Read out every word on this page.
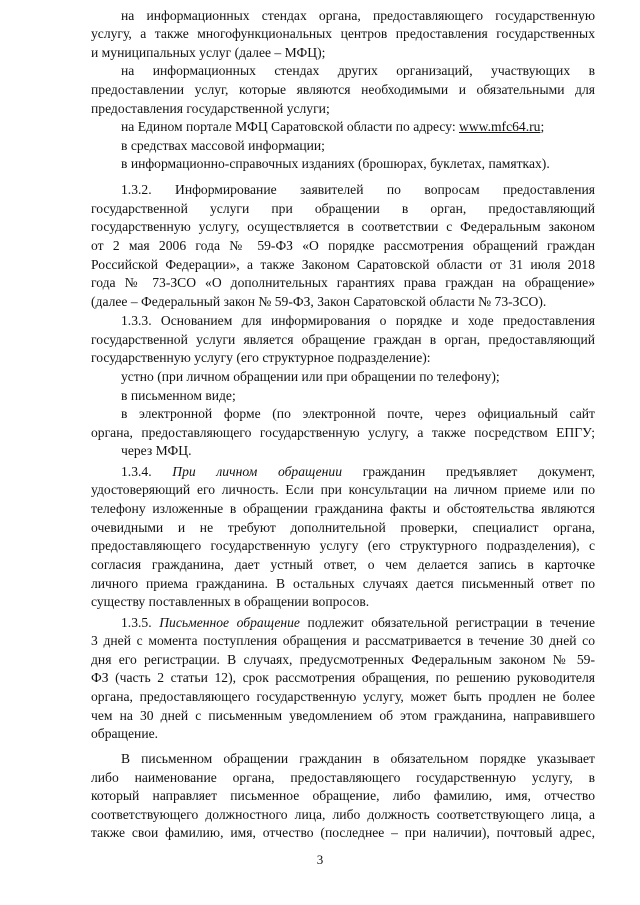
на информационных стендах органа, предоставляющего государственную
услугу, а также многофункциональных центров предоставления государственных
и муниципальных услуг (далее – МФЦ);
на информационных стендах других организаций, участвующих в
предоставлении услуг, которые являются необходимыми и обязательными для
предоставления государственной услуги;
на Едином портале МФЦ Саратовской области по адресу: www.mfc64.ru;
в средствах массовой информации;
в информационно-справочных изданиях (брошюрах, буклетах, памятках).
1.3.2. Информирование заявителей по вопросам предоставления
государственной услуги при обращении в орган, предоставляющий
государственную услугу, осуществляется в соответствии с Федеральным законом
от 2 мая 2006 года № 59-ФЗ «О порядке рассмотрения обращений граждан
Российской Федерации», а также Законом Саратовской области от 31 июля 2018
года № 73-ЗСО «О дополнительных гарантиях права граждан на обращение»
(далее – Федеральный закон № 59-ФЗ, Закон Саратовской области № 73-ЗСО).
1.3.3. Основанием для информирования о порядке и ходе предоставления
государственной услуги является обращение граждан в орган, предоставляющий
государственную услугу (его структурное подразделение):
устно (при личном обращении или при обращении по телефону);
в письменном виде;
в электронной форме (по электронной почте, через официальный сайт
органа, предоставляющего государственную услугу, а также посредством ЕПГУ;
через МФЦ.
1.3.4. При личном обращении гражданин предъявляет документ,
удостоверяющий его личность. Если при консультации на личном приеме или по
телефону изложенные в обращении гражданина факты и обстоятельства являются
очевидными и не требуют дополнительной проверки, специалист органа,
предоставляющего государственную услугу (его структурного подразделения), с
согласия гражданина, дает устный ответ, о чем делается запись в карточке
личного приема гражданина. В остальных случаях дается письменный ответ по
существу поставленных в обращении вопросов.
1.3.5. Письменное обращение подлежит обязательной регистрации в течение
3 дней с момента поступления обращения и рассматривается в течение 30 дней со
дня его регистрации. В случаях, предусмотренных Федеральным законом № 59-
ФЗ (часть 2 статьи 12), срок рассмотрения обращения, по решению руководителя
органа, предоставляющего государственную услугу, может быть продлен не более
чем на 30 дней с письменным уведомлением об этом гражданина, направившего
обращение.
В письменном обращении гражданин в обязательном порядке указывает
либо наименование органа, предоставляющего государственную услугу, в
который направляет письменное обращение, либо фамилию, имя, отчество
соответствующего должностного лица, либо должность соответствующего лица, а
также свои фамилию, имя, отчество (последнее – при наличии), почтовый адрес,
3
